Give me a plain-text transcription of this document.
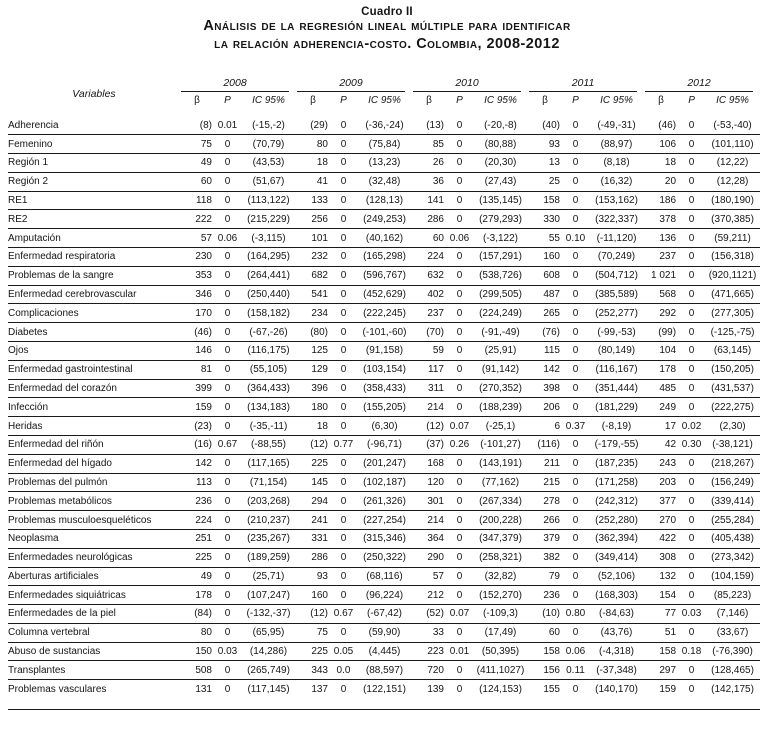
Cuadro II
Análisis de la regresión lineal múltiple para identificar
la relación adherencia-costo. Colombia, 2008-2012
Variables	2008			2009			2010			2011			2012		

	β	P	IC 95%	β	P	IC 95%	β	P	IC 95%	β	P	IC 95%	β	P	IC 95%
Adherencia	(8)	0.01	(-15,-2)	(29)	0	(-36,-24)	(13)	0	(-20,-8)	(40)	0	(-49,-31)	(46)	0	(-53,-40)
Femenino	75	0	(70,79)	80	0	(75,84)	85	0	(80,88)	93	0	(88,97)	106	0	(101,110)
Región 1	49	0	(43,53)	18	0	(13,23)	26	0	(20,30)	13	0	(8,18)	18	0	(12,22)
Región 2	60	0	(51,67)	41	0	(32,48)	36	0	(27,43)	25	0	(16,32)	20	0	(12,28)
RE1	118	0	(113,122)	133	0	(128,13)	141	0	(135,145)	158	0	(153,162)	186	0	(180,190)
RE2	222	0	(215,229)	256	0	(249,253)	286	0	(279,293)	330	0	(322,337)	378	0	(370,385)
Amputación	57	0.06	(-3,115)	101	0	(40,162)	60	0.06	(-3,122)	55	0.10	(-11,120)	136	0	(59,211)
Enfermedad respiratoria	230	0	(164,295)	232	0	(165,298)	224	0	(157,291)	160	0	(70,249)	237	0	(156,318)
Problemas de la sangre	353	0	(264,441)	682	0	(596,767)	632	0	(538,726)	608	0	(504,712)	1 021	0	(920,1121)
Enfermedad cerebrovascular	346	0	(250,440)	541	0	(452,629)	402	0	(299,505)	487	0	(385,589)	568	0	(471,665)
Complicaciones	170	0	(158,182)	234	0	(222,245)	237	0	(224,249)	265	0	(252,277)	292	0	(277,305)
Diabetes	(46)	0	(-67,-26)	(80)	0	(-101,-60)	(70)	0	(-91,-49)	(76)	0	(-99,-53)	(99)	0	(-125,-75)
Ojos	146	0	(116,175)	125	0	(91,158)	59	0	(25,91)	115	0	(80,149)	104	0	(63,145)
Enfermedad gastrointestinal	81	0	(55,105)	129	0	(103,154)	117	0	(91,142)	142	0	(116,167)	178	0	(150,205)
Enfermedad del corazón	399	0	(364,433)	396	0	(358,433)	311	0	(270,352)	398	0	(351,444)	485	0	(431,537)
Infección	159	0	(134,183)	180	0	(155,205)	214	0	(188,239)	206	0	(181,229)	249	0	(222,275)
Heridas	(23)	0	(-35,-11)	18	0	(6,30)	(12)	0.07	(-25,1)	6	0.37	(-8,19)	17	0.02	(2,30)
Enfermedad del riñón	(16)	0.67	(-88,55)	(12)	0.77	(-96,71)	(37)	0.26	(-101,27)	(116)	0	(-179,-55)	42	0.30	(-38,121)
Enfermedad del hígado	142	0	(117,165)	225	0	(201,247)	168	0	(143,191)	211	0	(187,235)	243	0	(218,267)
Problemas del pulmón	113	0	(71,154)	145	0	(102,187)	120	0	(77,162)	215	0	(171,258)	203	0	(156,249)
Problemas metabólicos	236	0	(203,268)	294	0	(261,326)	301	0	(267,334)	278	0	(242,312)	377	0	(339,414)
Problemas musculoesqueléticos	224	0	(210,237)	241	0	(227,254)	214	0	(200,228)	266	0	(252,280)	270	0	(255,284)
Neoplasma	251	0	(235,267)	331	0	(315,346)	364	0	(347,379)	379	0	(362,394)	422	0	(405,438)
Enfermedades neurológicas	225	0	(189,259)	286	0	(250,322)	290	0	(258,321)	382	0	(349,414)	308	0	(273,342)
Aberturas artificiales	49	0	(25,71)	93	0	(68,116)	57	0	(32,82)	79	0	(52,106)	132	0	(104,159)
Enfermedades siquiátricas	178	0	(107,247)	160	0	(96,224)	212	0	(152,270)	236	0	(168,303)	154	0	(85,223)
Enfermedades de la piel	(84)	0	(-132,-37)	(12)	0.67	(-67,42)	(52)	0.07	(-109,3)	(10)	0.80	(-84,63)	77	0.03	(7,146)
Columna vertebral	80	0	(65,95)	75	0	(59,90)	33	0	(17,49)	60	0	(43,76)	51	0	(33,67)
Abuso de sustancias	150	0.03	(14,286)	225	0.05	(4,445)	223	0.01	(50,395)	158	0.06	(-4,318)	158	0.18	(-76,390)
Transplantes	508	0	(265,749)	343	0.0	(88,597)	720	0	(411,1027)	156	0.11	(-37,348)	297	0	(128,465)
Problemas vasculares	131	0	(117,145)	137	0	(122,151)	139	0	(124,153)	155	0	(140,170)	159	0	(142,175)
